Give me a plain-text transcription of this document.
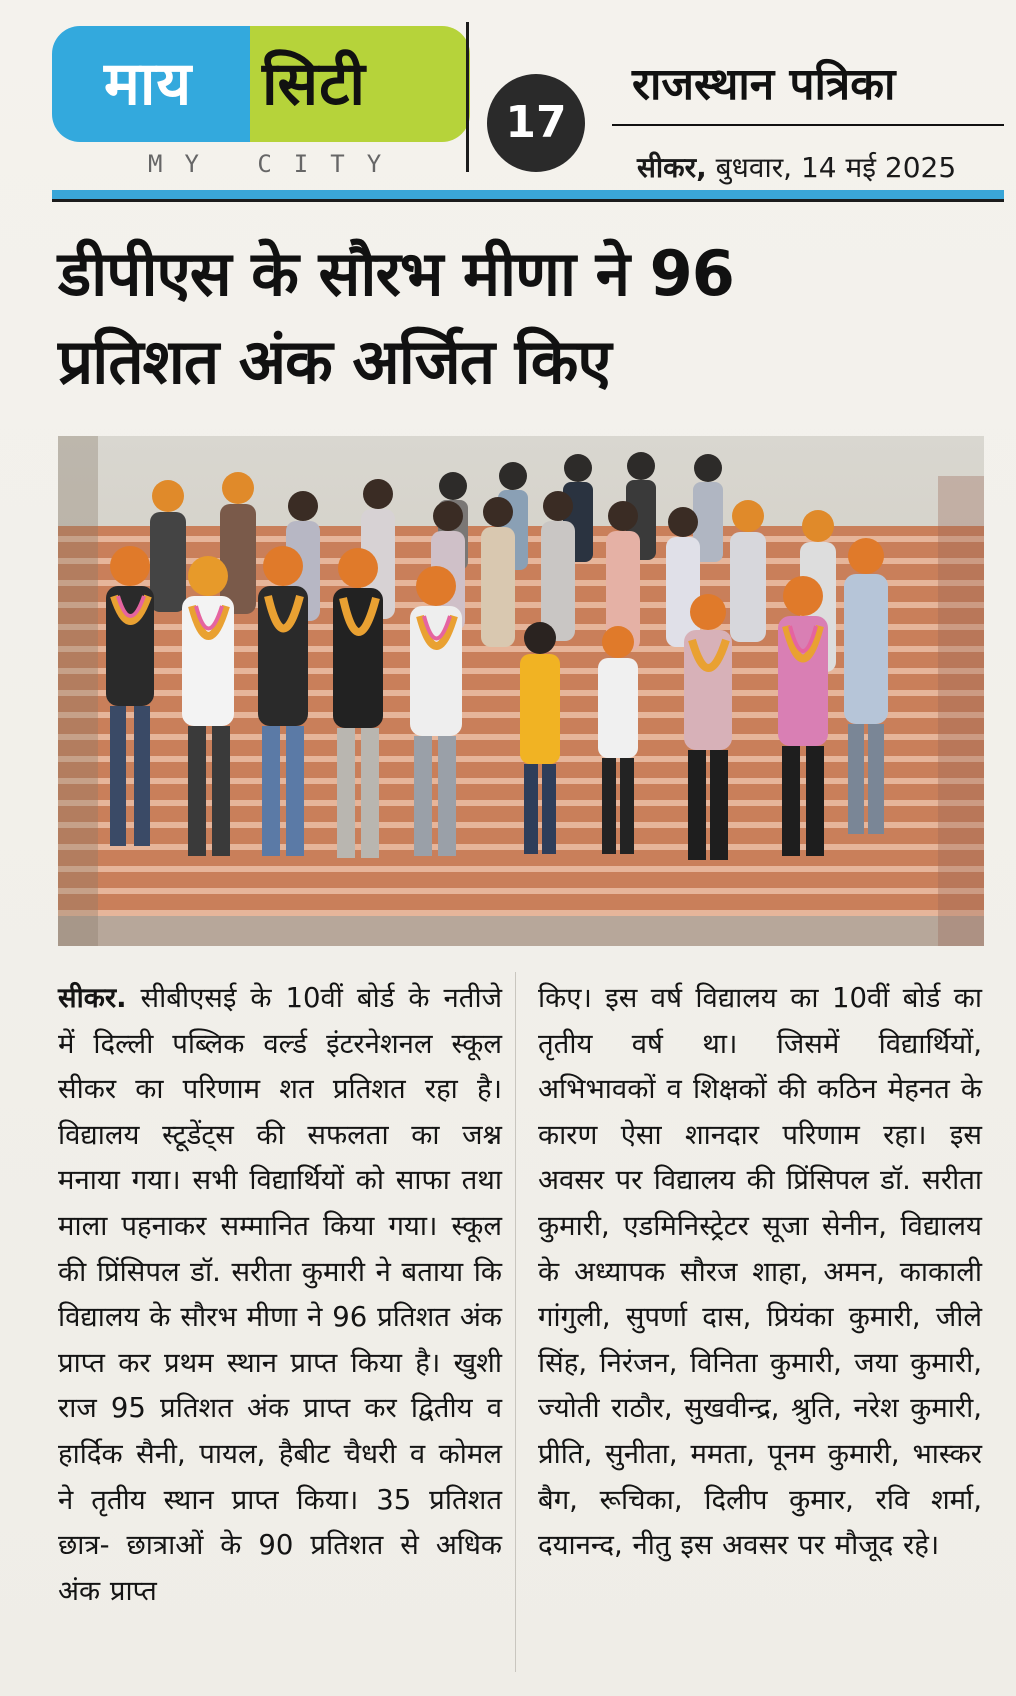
माय सिटी
MY CITY
17
राजस्थान पत्रिका
सीकर, बुधवार, 14 मई 2025
डीपीएस के सौरभ मीणा ने 96
प्रतिशत अंक अर्जित किए
सीकर. सीबीएसई के 10वीं बोर्ड के नतीजे में दिल्ली पब्लिक वर्ल्ड इंटरनेशनल स्कूल सीकर का परिणाम शत प्रतिशत रहा है। विद्यालय स्टूडेंट्स की सफलता का जश्न मनाया गया। सभी विद्यार्थियों को साफा तथा माला पहनाकर सम्मानित किया गया। स्कूल की प्रिंसिपल डॉ. सरीता कुमारी ने बताया कि विद्यालय के सौरभ मीणा ने 96 प्रतिशत अंक प्राप्त कर प्रथम स्थान प्राप्त किया है। खुशी राज 95 प्रतिशत अंक प्राप्त कर द्वितीय व हार्दिक सैनी, पायल, हैबीट चैधरी व कोमल ने तृतीय स्थान प्राप्त किया। 35 प्रतिशत छात्र- छात्राओं के 90 प्रतिशत से अधिक अंक प्राप्त
किए। इस वर्ष विद्यालय का 10वीं बोर्ड का तृतीय वर्ष था। जिसमें विद्यार्थियों, अभिभावकों व शिक्षकों की कठिन मेहनत के कारण ऐसा शानदार परिणाम रहा। इस अवसर पर विद्यालय की प्रिंसिपल डॉ. सरीता कुमारी, एडमिनिस्ट्रेटर सूजा सेनीन, विद्यालय के अध्यापक सौरज शाहा, अमन, काकाली गांगुली, सुपर्णा दास, प्रियंका कुमारी, जीले सिंह, निरंजन, विनिता कुमारी, जया कुमारी, ज्योती राठौर, सुखवीन्द्र, श्रुति, नरेश कुमारी, प्रीति, सुनीता, ममता, पूनम कुमारी, भास्कर बैग, रूचिका, दिलीप कुमार, रवि शर्मा, दयानन्द, नीतु इस अवसर पर मौजूद रहे।
